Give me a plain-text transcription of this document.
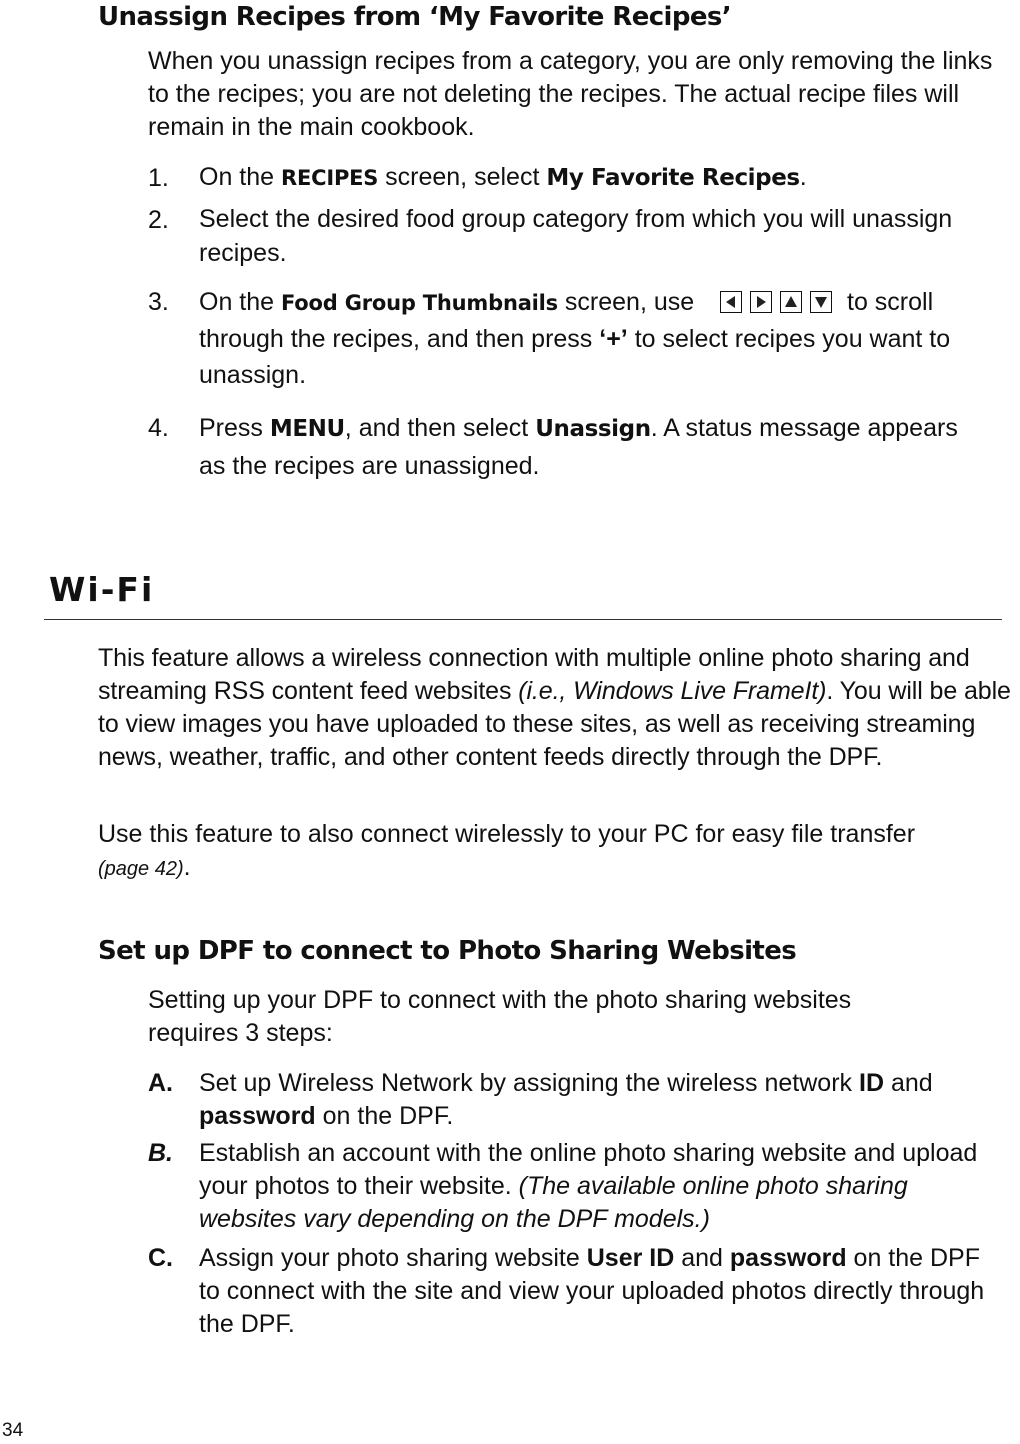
Unassign Recipes from ‘My Favorite Recipes’
When you unassign recipes from a category, you are only removing the links to the recipes; you are not deleting the recipes. The actual recipe files will remain in the main cookbook.
1. On the RECIPES screen, select My Favorite Recipes.
2. Select the desired food group category from which you will unassign recipes.
3. On the Food Group Thumbnails screen, use	to scroll through the recipes, and then press ‘+’ to select recipes you want to unassign.
4. Press MENU, and then select Unassign. A status message appears as the recipes are unassigned.
Wi-Fi
This feature allows a wireless connection with multiple online photo sharing and streaming RSS content feed websites (i.e., Windows Live FrameIt). You will be able to view images you have uploaded to these sites, as well as receiving streaming news, weather, traffic, and other content feeds directly through the DPF.
Use this feature to also connect wirelessly to your PC for easy file transfer
(page 42).
Set up DPF to connect to Photo Sharing Websites
Setting up your DPF to connect with the photo sharing websites requires 3 steps:
A. Set up Wireless Network by assigning the wireless network ID and password on the DPF.
B. Establish an account with the online photo sharing website and upload your photos to their website. (The available online photo sharing websites vary depending on the DPF models.)
C. Assign your photo sharing website User ID and password on the DPF to connect with the site and view your uploaded photos directly through the DPF.
34
